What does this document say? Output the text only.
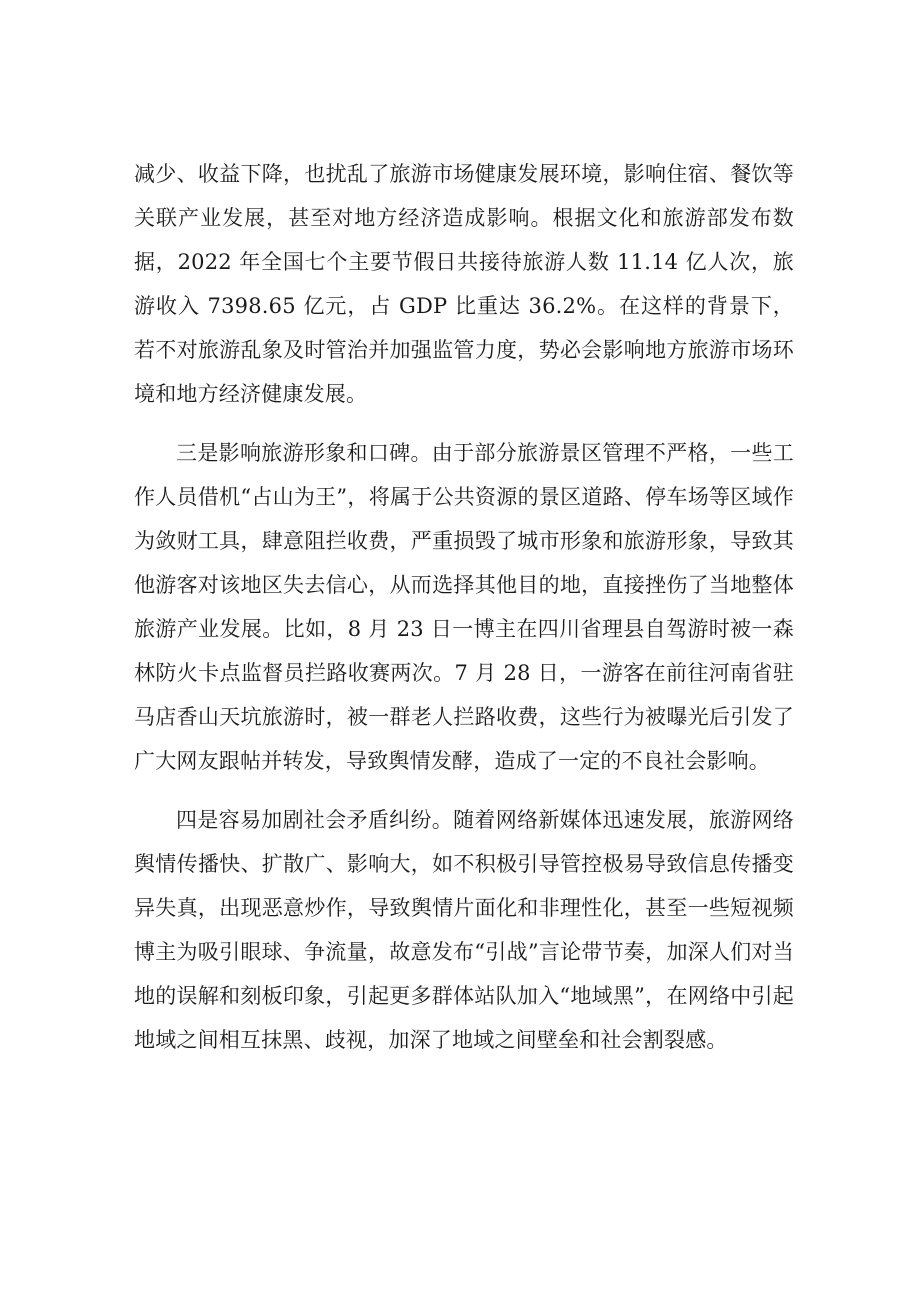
减少、收益下降，也扰乱了旅游市场健康发展环境，影响住宿、餐饮等关联产业发展，甚至对地方经济造成影响。根据文化和旅游部发布数据，2022 年全国七个主要节假日共接待旅游人数 11.14 亿人次，旅游收入 7398.65 亿元，占 GDP 比重达 36.2%。在这样的背景下，若不对旅游乱象及时管治并加强监管力度，势必会影响地方旅游市场环境和地方经济健康发展。

三是影响旅游形象和口碑。由于部分旅游景区管理不严格，一些工作人员借机“占山为王”，将属于公共资源的景区道路、停车场等区域作为敛财工具，肆意阻拦收费，严重损毁了城市形象和旅游形象，导致其他游客对该地区失去信心，从而选择其他目的地，直接挫伤了当地整体旅游产业发展。比如，8 月 23 日一博主在四川省理县自驾游时被一森林防火卡点监督员拦路收赛两次。7 月 28 日，一游客在前往河南省驻马店香山天坑旅游时，被一群老人拦路收费，这些行为被曝光后引发了广大网友跟帖并转发，导致舆情发酵，造成了一定的不良社会影响。

四是容易加剧社会矛盾纠纷。随着网络新媒体迅速发展，旅游网络舆情传播快、扩散广、影响大，如不积极引导管控极易导致信息传播变异失真，出现恶意炒作，导致舆情片面化和非理性化，甚至一些短视频博主为吸引眼球、争流量，故意发布“引战”言论带节奏，加深人们对当地的误解和刻板印象，引起更多群体站队加入“地域黑”，在网络中引起地域之间相互抹黑、歧视，加深了地域之间壁垒和社会割裂感。
